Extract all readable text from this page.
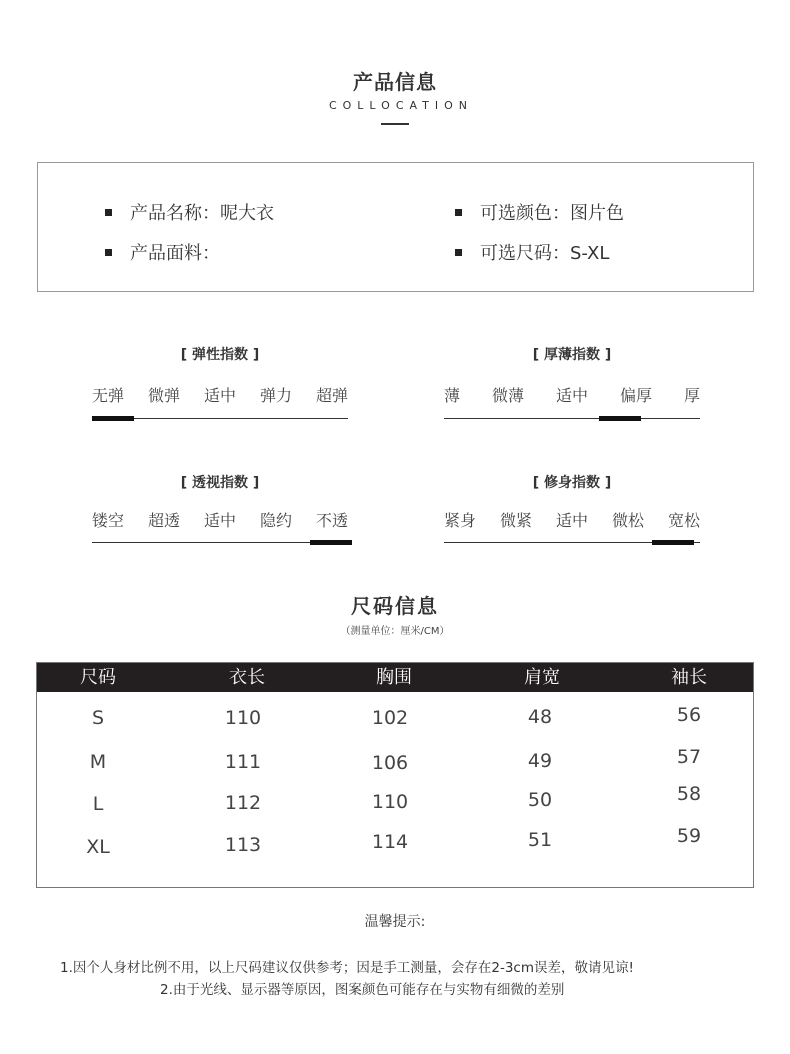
产品信息
COLLOCATION
产品名称：呢大衣
产品面料：
可选颜色：图片色
可选尺码：S-XL
[ 弹性指数 ]
无弹 微弹 适中 弹力 超弹
[ 厚薄指数 ]
薄 微薄 适中 偏厚 厚
[ 透视指数 ]
镂空 超透 适中 隐约 不透
[ 修身指数 ]
紧身 微紧 适中 微松 宽松
尺码信息
（测量单位：厘米/CM）
尺码	衣长	胸围	肩宽	袖长
S	110	102	48	56
M	111	106	49	57
L	112	110	50	58
XL	113	114	51	59
温馨提示:
1.因个人身材比例不用，以上尺码建议仅供参考；因是手工测量，会存在2-3cm误差，敬请见谅!
2.由于光线、显示器等原因，图案颜色可能存在与实物有细微的差别
